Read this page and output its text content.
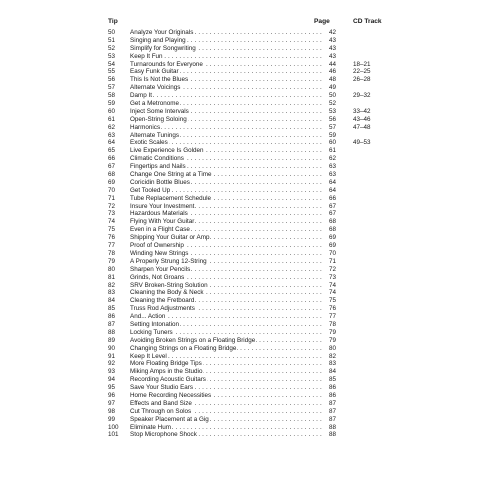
Tip	Page	CD Track
50	Analyze Your Originals . . .	42
51	Singing and Playing . . .	43
52	Simplify for Songwriting . . .	43
53	Keep It Fun . . .	43
54	Turnarounds for Everyone . . .	44	18–21
55	Easy Funk Guitar . . .	46	22–25
56	This Is Not the Blues . . .	48	26–28
57	Alternate Voicings . . .	49
58	Damp It . . .	50	29–32
59	Get a Metronome . . .	52
60	Inject Some Intervals . . .	53	33–42
61	Open-String Soloing . . .	56	43–46
62	Harmonics . . .	57	47–48
63	Alternate Tunings . . .	59
64	Exotic Scales . . .	60	49–53
65	Live Experience Is Golden . . .	61
66	Climatic Conditions . . .	62
67	Fingertips and Nails . . .	63
68	Change One String at a Time . . .	63
69	Coricidin Bottle Blues . . .	64
70	Get Tooled Up . . .	64
71	Tube Replacement Schedule . . .	66
72	Insure Your Investment . . .	67
73	Hazardous Materials . . .	67
74	Flying With Your Guitar . . .	68
75	Even in a Flight Case . . .	68
76	Shipping Your Guitar or Amp . . .	69
77	Proof of Ownership . . .	69
78	Winding New Strings . . .	70
79	A Properly Strung 12-String . . .	71
80	Sharpen Your Pencils . . .	72
81	Grinds, Not Groans . . .	73
82	SRV Broken-String Solution . . .	74
83	Cleaning the Body & Neck . . .	74
84	Cleaning the Fretboard . . .	75
85	Truss Rod Adjustments . . .	76
86	And... Action . . .	77
87	Setting Intonation . . .	78
88	Locking Tuners . . .	79
89	Avoiding Broken Strings on a Floating Bridge . . .	79
90	Changing Strings on a Floating Bridge . . .	80
91	Keep It Level . . .	82
92	More Floating Bridge Tips . . .	83
93	Miking Amps in the Studio . . .	84
94	Recording Acoustic Guitars . . .	85
95	Save Your Studio Ears . . .	86
96	Home Recording Necessities . . .	86
97	Effects and Band Size . . .	87
98	Cut Through on Solos . . .	87
99	Speaker Placement at a Gig . . .	87
100	Eliminate Hum . . .	88
101	Stop Microphone Shock . . .	88
